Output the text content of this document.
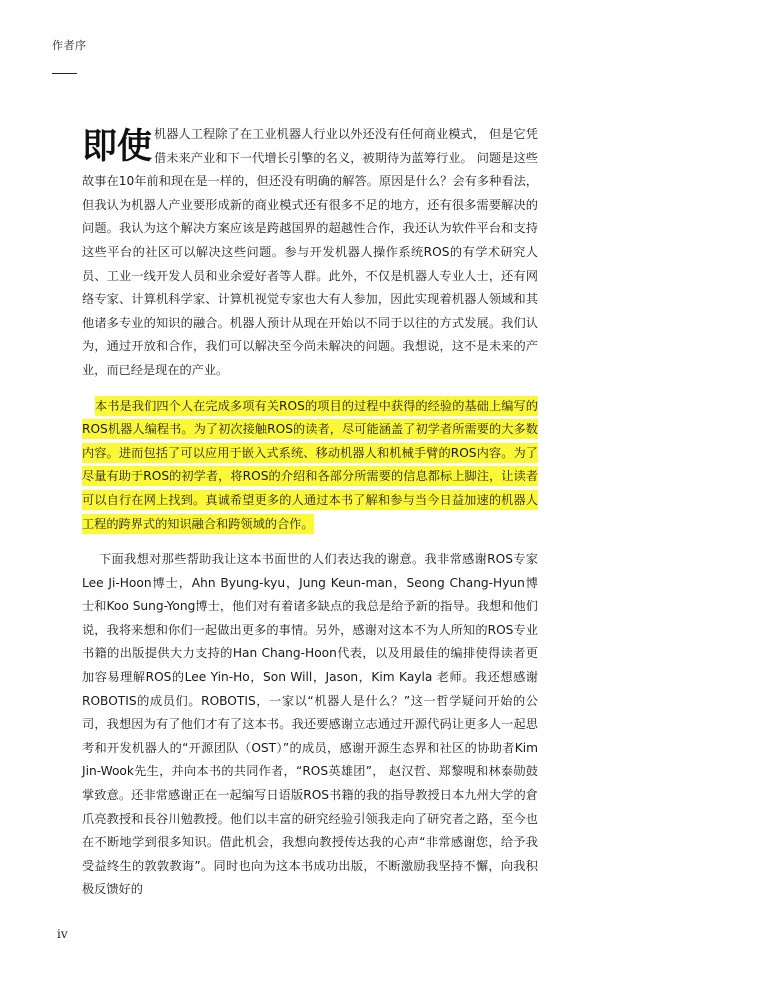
作者序

即使 机器人工程除了在工业机器人行业以外还没有任何商业模式， 但是它凭借未来产业和下一代增长引擎的名义，被期待为蓝筹行业。 问题是这些故事在10年前和现在是一样的，但还没有明确的解答。原因是什么？会有多种看法，但我认为机器人产业要形成新的商业模式还有很多不足的地方，还有很多需要解决的问题。我认为这个解决方案应该是跨越国界的超越性合作，我还认为软件平台和支持这些平台的社区可以解决这些问题。参与开发机器人操作系统ROS的有学术研究人员、工业一线开发人员和业余爱好者等人群。此外，不仅是机器人专业人士，还有网络专家、计算机科学家、计算机视觉专家也大有人参加，因此实现着机器人领域和其他诸多专业的知识的融合。机器人预计从现在开始以不同于以往的方式发展。我们认为，通过开放和合作，我们可以解决至今尚未解决的问题。我想说，这不是未来的产业，而已经是现在的产业。

本书是我们四个人在完成多项有关ROS的项目的过程中获得的经验的基础上编写的ROS机器人编程书。为了初次接触ROS的读者，尽可能涵盖了初学者所需要的大多数内容。进而包括了可以应用于嵌入式系统、移动机器人和机械手臂的ROS内容。为了尽量有助于ROS的初学者，将ROS的介绍和各部分所需要的信息都标上脚注，让读者可以自行在网上找到。真诚希望更多的人通过本书了解和参与当今日益加速的机器人工程的跨界式的知识融合和跨领域的合作。

下面我想对那些帮助我让这本书面世的人们表达我的谢意。我非常感谢ROS专家Lee Ji-Hoon博士，Ahn Byung-kyu，Jung Keun-man，Seong Chang-Hyun博士和Koo Sung-Yong博士，他们对有着诸多缺点的我总是给予新的指导。我想和他们说，我将来想和你们一起做出更多的事情。另外，感谢对这本不为人所知的ROS专业书籍的出版提供大力支持的Han Chang-Hoon代表，以及用最佳的编排使得读者更加容易理解ROS的Lee Yin-Ho，Son Will，Jason，Kim Kayla 老师。我还想感谢ROBOTIS的成员们。ROBOTIS，一家以“机器人是什么？”这一哲学疑问开始的公司，我想因为有了他们才有了这本书。我还要感谢立志通过开源代码让更多人一起思考和开发机器人的“开源团队（OST）”的成员，感谢开源生态界和社区的协助者Kim Jin-Wook先生，并向本书的共同作者，“ROS英雄团”， 赵汉哲、郑黎晛和林泰勋鼓掌致意。还非常感谢正在一起编写日语版ROS书籍的我的指导教授日本九州大学的倉爪亮教授和長谷川勉教授。他们以丰富的研究经验引领我走向了研究者之路，至今也在不断地学到很多知识。借此机会，我想向教授传达我的心声“非常感谢您，给予我受益终生的敦敦教诲”。同时也向为这本书成功出版，不断激励我坚持不懈，向我积极反馈好的

iv
